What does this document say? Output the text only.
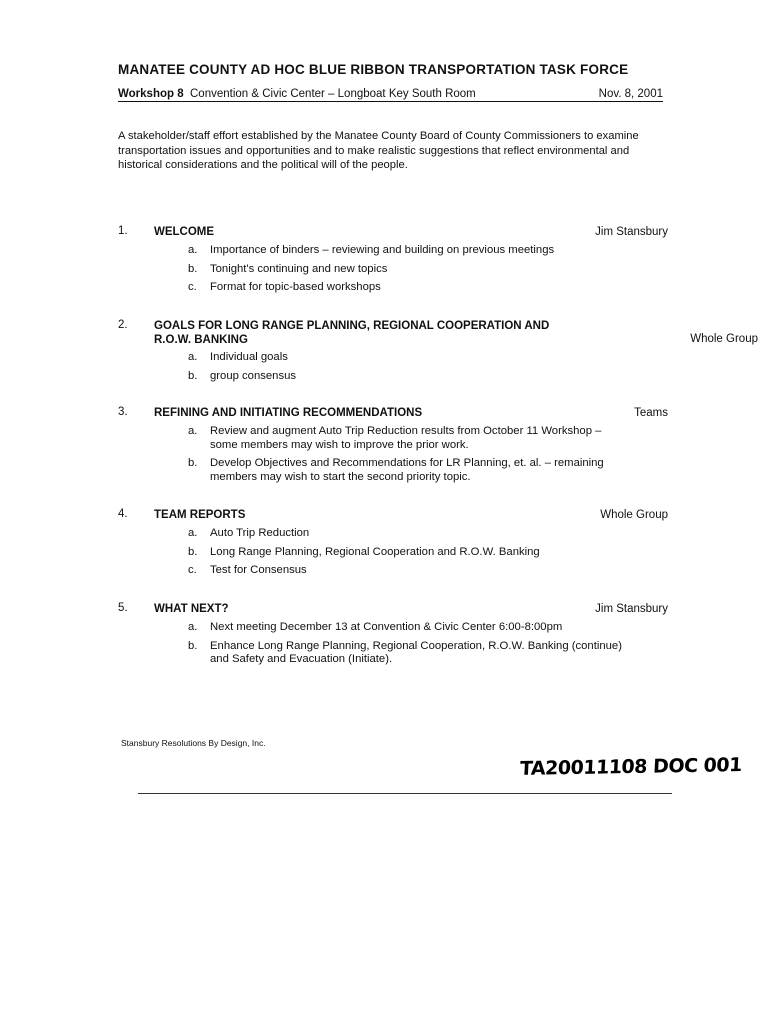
MANATEE COUNTY AD HOC BLUE RIBBON TRANSPORTATION TASK FORCE
Workshop 8 Convention & Civic Center – Longboat Key South Room	Nov. 8, 2001
A stakeholder/staff effort established by the Manatee County Board of County Commissioners to examine transportation issues and opportunities and to make realistic suggestions that reflect environmental and historical considerations and the political will of the people.
1. WELCOME	Jim Stansbury
a. Importance of binders – reviewing and building on previous meetings
b. Tonight's continuing and new topics
c. Format for topic-based workshops
2. GOALS FOR LONG RANGE PLANNING, REGIONAL COOPERATION AND R.O.W. BANKING	Whole Group
a. Individual goals
b. group consensus
3. REFINING AND INITIATING RECOMMENDATIONS	Teams
a. Review and augment Auto Trip Reduction results from October 11 Workshop – some members may wish to improve the prior work.
b. Develop Objectives and Recommendations for LR Planning, et. al. – remaining members may wish to start the second priority topic.
4. TEAM REPORTS	Whole Group
a. Auto Trip Reduction
b. Long Range Planning, Regional Cooperation and R.O.W. Banking
c. Test for Consensus
5. WHAT NEXT?	Jim Stansbury
a. Next meeting December 13 at Convention & Civic Center 6:00-8:00pm
b. Enhance Long Range Planning, Regional Cooperation, R.O.W. Banking (continue) and Safety and Evacuation (Initiate).
Stansbury Resolutions By Design, Inc.
TA20011108 DOC 001
